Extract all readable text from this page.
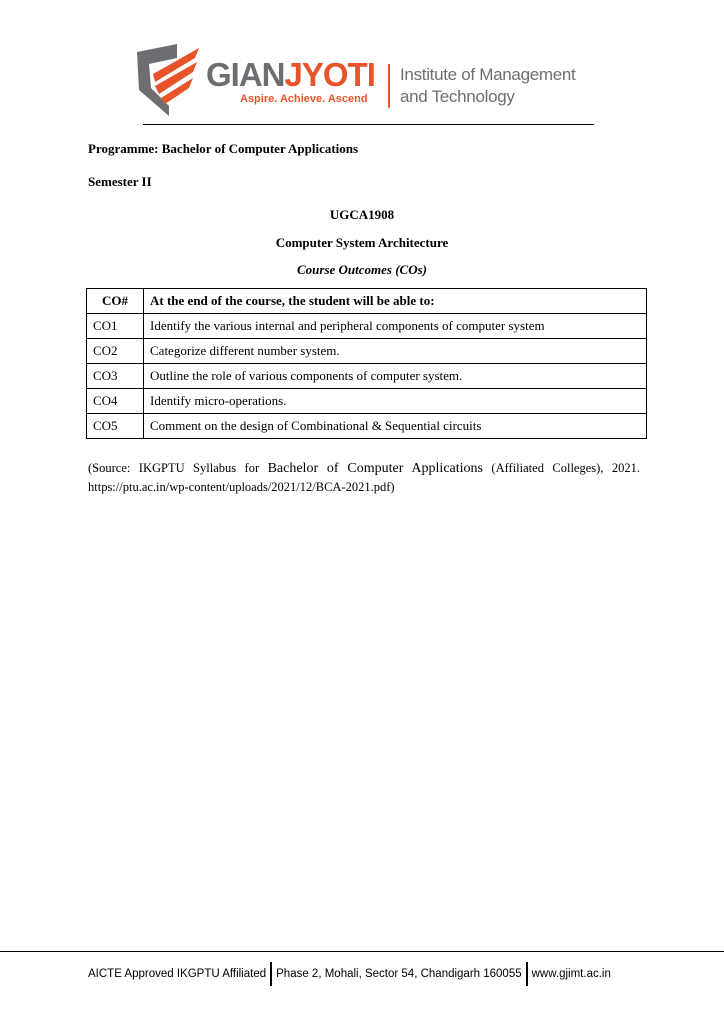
GIANJYOTI
Aspire. Achieve. Ascend
Institute of Management
and Technology
Programme: Bachelor of Computer Applications
Semester II
UGCA1908
Computer System Architecture
Course Outcomes (COs)
CO#	At the end of the course, the student will be able to:
CO1	Identify the various internal and peripheral components of computer system
CO2	Categorize different number system.
CO3	Outline the role of various components of computer system.
CO4	Identify micro-operations.
CO5	Comment on the design of Combinational & Sequential circuits
(Source: IKGPTU Syllabus for Bachelor of Computer Applications (Affiliated Colleges), 2021. https://ptu.ac.in/wp-content/uploads/2021/12/BCA-2021.pdf)
AICTE Approved IKGPTU Affiliated Phase 2, Mohali, Sector 54, Chandigarh 160055 www.gjimt.ac.in
